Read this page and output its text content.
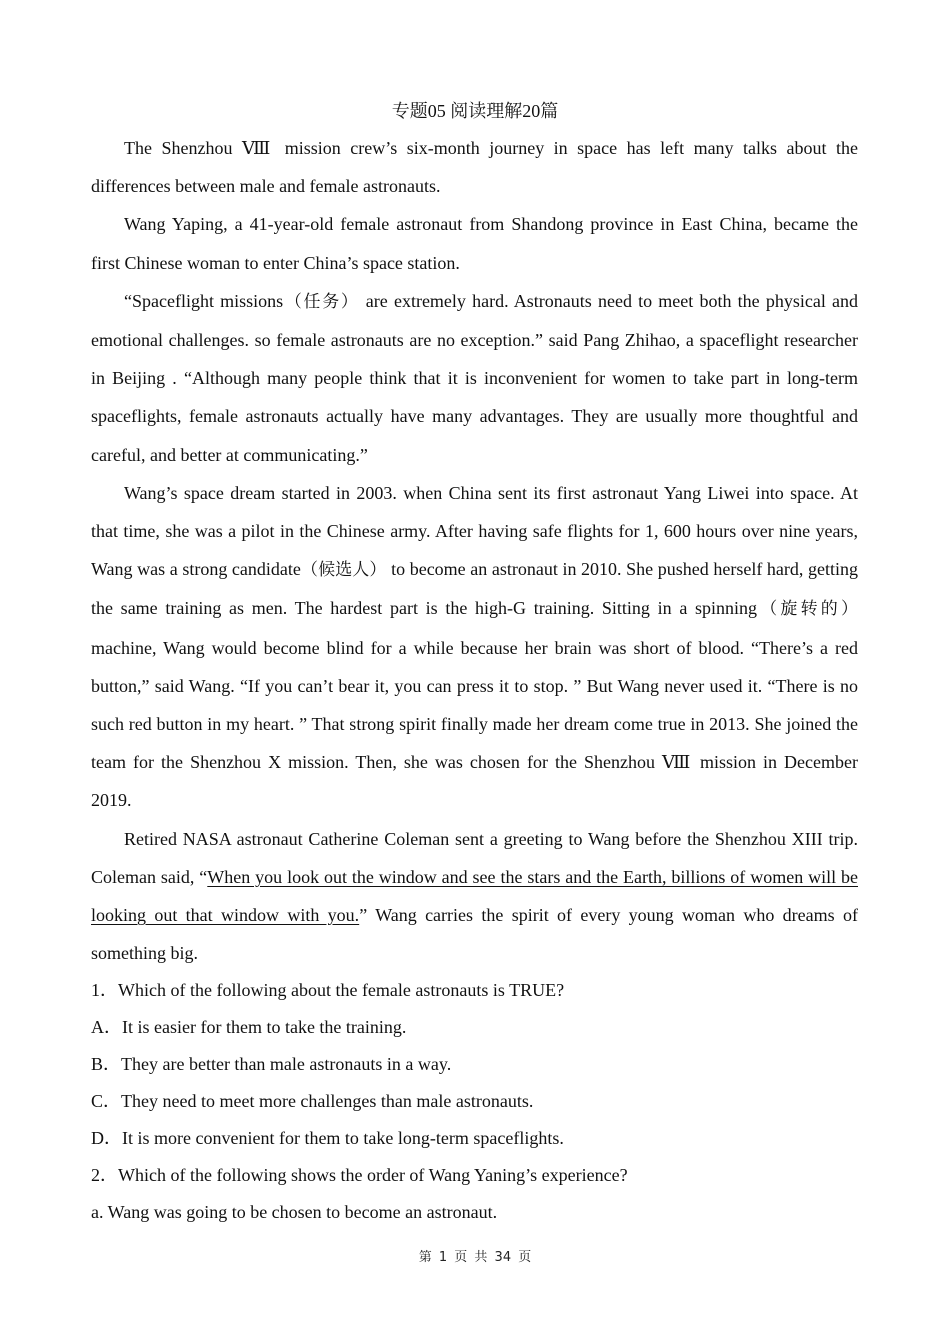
专题05 阅读理解20篇

The Shenzhou Ⅷ mission crew’s six-month journey in space has left many talks about the differences between male and female astronauts.

Wang Yaping, a 41-year-old female astronaut from Shandong province in East China, became the first Chinese woman to enter China’s space station.

“Spaceflight missions（任务） are extremely hard. Astronauts need to meet both the physical and emotional challenges. so female astronauts are no exception.” said Pang Zhihao, a spaceflight researcher in Beijing . “Although many people think that it is inconvenient for women to take part in long-term spaceflights, female astronauts actually have many advantages. They are usually more thoughtful and careful, and better at communicating.”

Wang’s space dream started in 2003. when China sent its first astronaut Yang Liwei into space. At that time, she was a pilot in the Chinese army. After having safe flights for 1, 600 hours over nine years, Wang was a strong candidate（候选人） to become an astronaut in 2010. She pushed herself hard, getting the same training as men. The hardest part is the high-G training. Sitting in a spinning（旋转的） machine, Wang would become blind for a while because her brain was short of blood. “There’s a red button,” said Wang. “If you can’t bear it, you can press it to stop. ” But Wang never used it. “There is no such red button in my heart. ” That strong spirit finally made her dream come true in 2013. She joined the team for the Shenzhou X mission. Then, she was chosen for the Shenzhou Ⅷ mission in December 2019.

Retired NASA astronaut Catherine Coleman sent a greeting to Wang before the Shenzhou XIII trip. Coleman said, “When you look out the window and see the stars and the Earth, billions of women will be looking out that window with you.” Wang carries the spirit of every young woman who dreams of something big.

1．Which of the following about the female astronauts is TRUE?

A．It is easier for them to take the training.

B．They are better than male astronauts in a way.

C．They need to meet more challenges than male astronauts.

D．It is more convenient for them to take long-term spaceflights.

2．Which of the following shows the order of Wang Yaning’s experience?

a. Wang was going to be chosen to become an astronaut.

第 1 页 共 34 页
